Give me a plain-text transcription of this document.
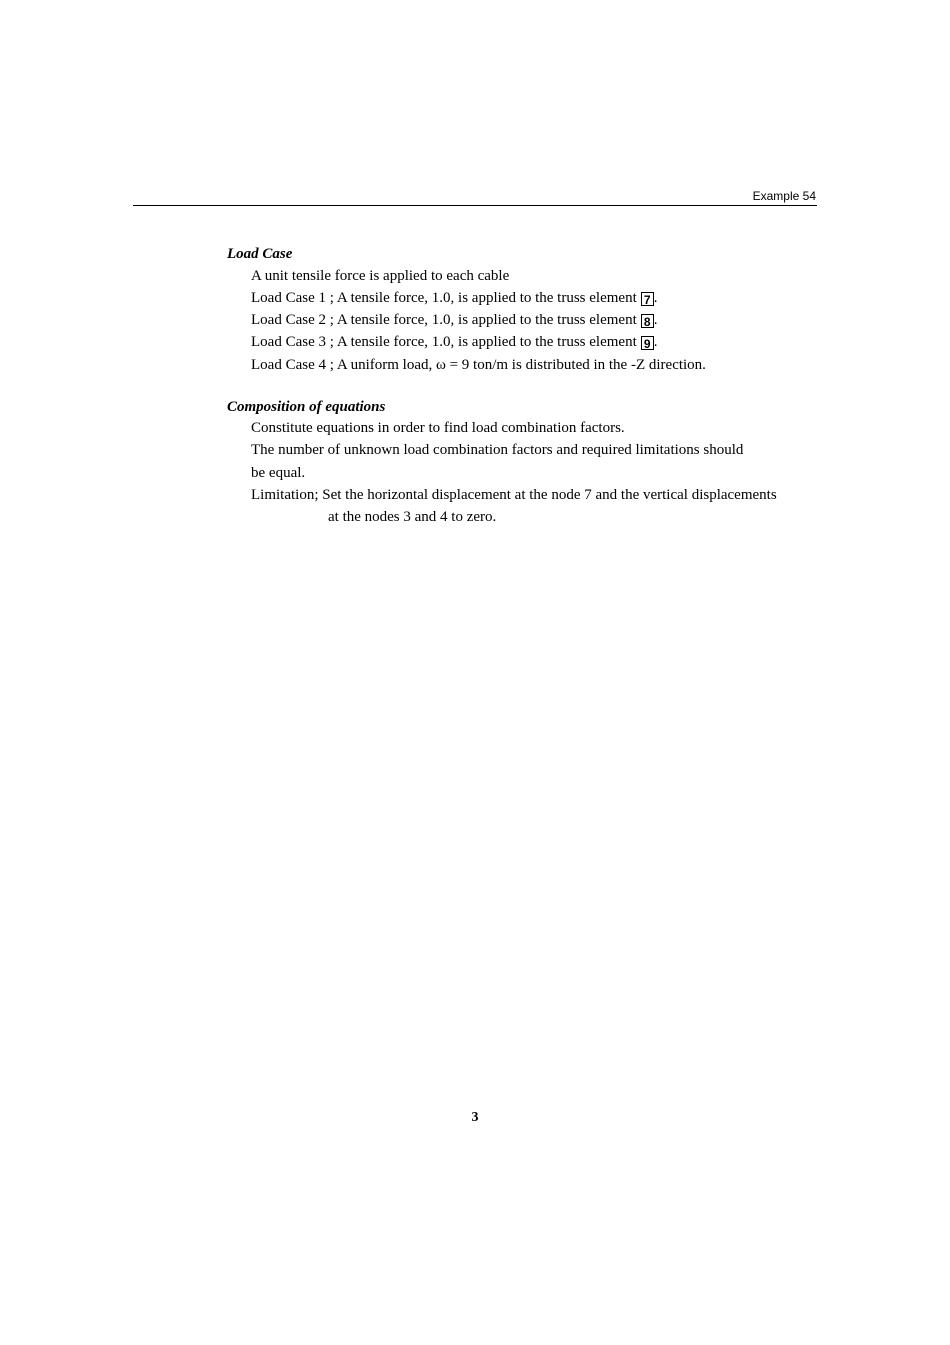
Example 54
Load Case
A unit tensile force is applied to each cable
Load Case 1 ; A tensile force, 1.0, is applied to the truss element 7 .
Load Case 2 ; A tensile force, 1.0, is applied to the truss element 8 .
Load Case 3 ; A tensile force, 1.0, is applied to the truss element 9 .
Load Case 4 ; A uniform load, ω = 9 ton/m is distributed in the -Z direction.
Composition of equations
Constitute equations in order to find load combination factors.
The number of unknown load combination factors and required limitations should
be equal.
Limitation; Set the horizontal displacement at the node 7 and the vertical displacements
at the nodes 3 and 4 to zero.
3
